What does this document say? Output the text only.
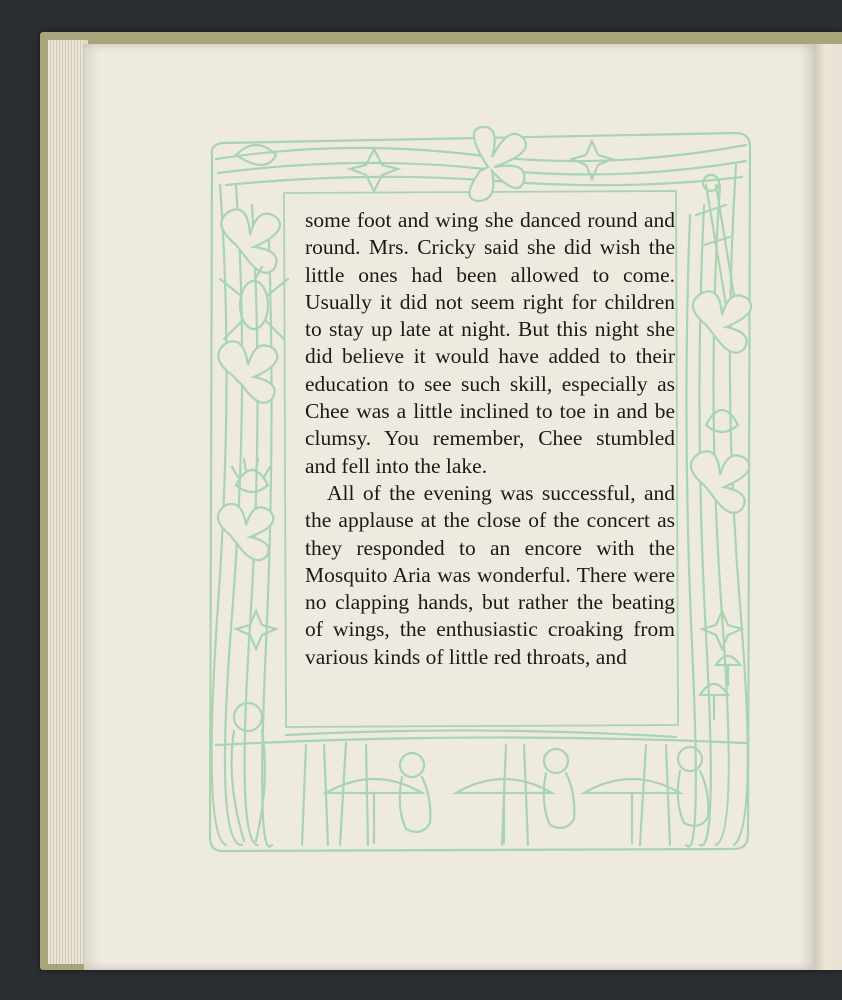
some foot and wing she danced round and round. Mrs. Cricky said she did wish the little ones had been allowed to come. Usually it did not seem right for children to stay up late at night. But this night she did believe it would have added to their education to see such skill, especially as Chee was a little inclined to toe in and be clumsy. You remember, Chee stumbled and fell into the lake.

All of the evening was successful, and the applause at the close of the concert as they responded to an encore with the Mosquito Aria was wonderful. There were no clapping hands, but rather the beating of wings, the enthusiastic croaking from various kinds of little red throats, and
